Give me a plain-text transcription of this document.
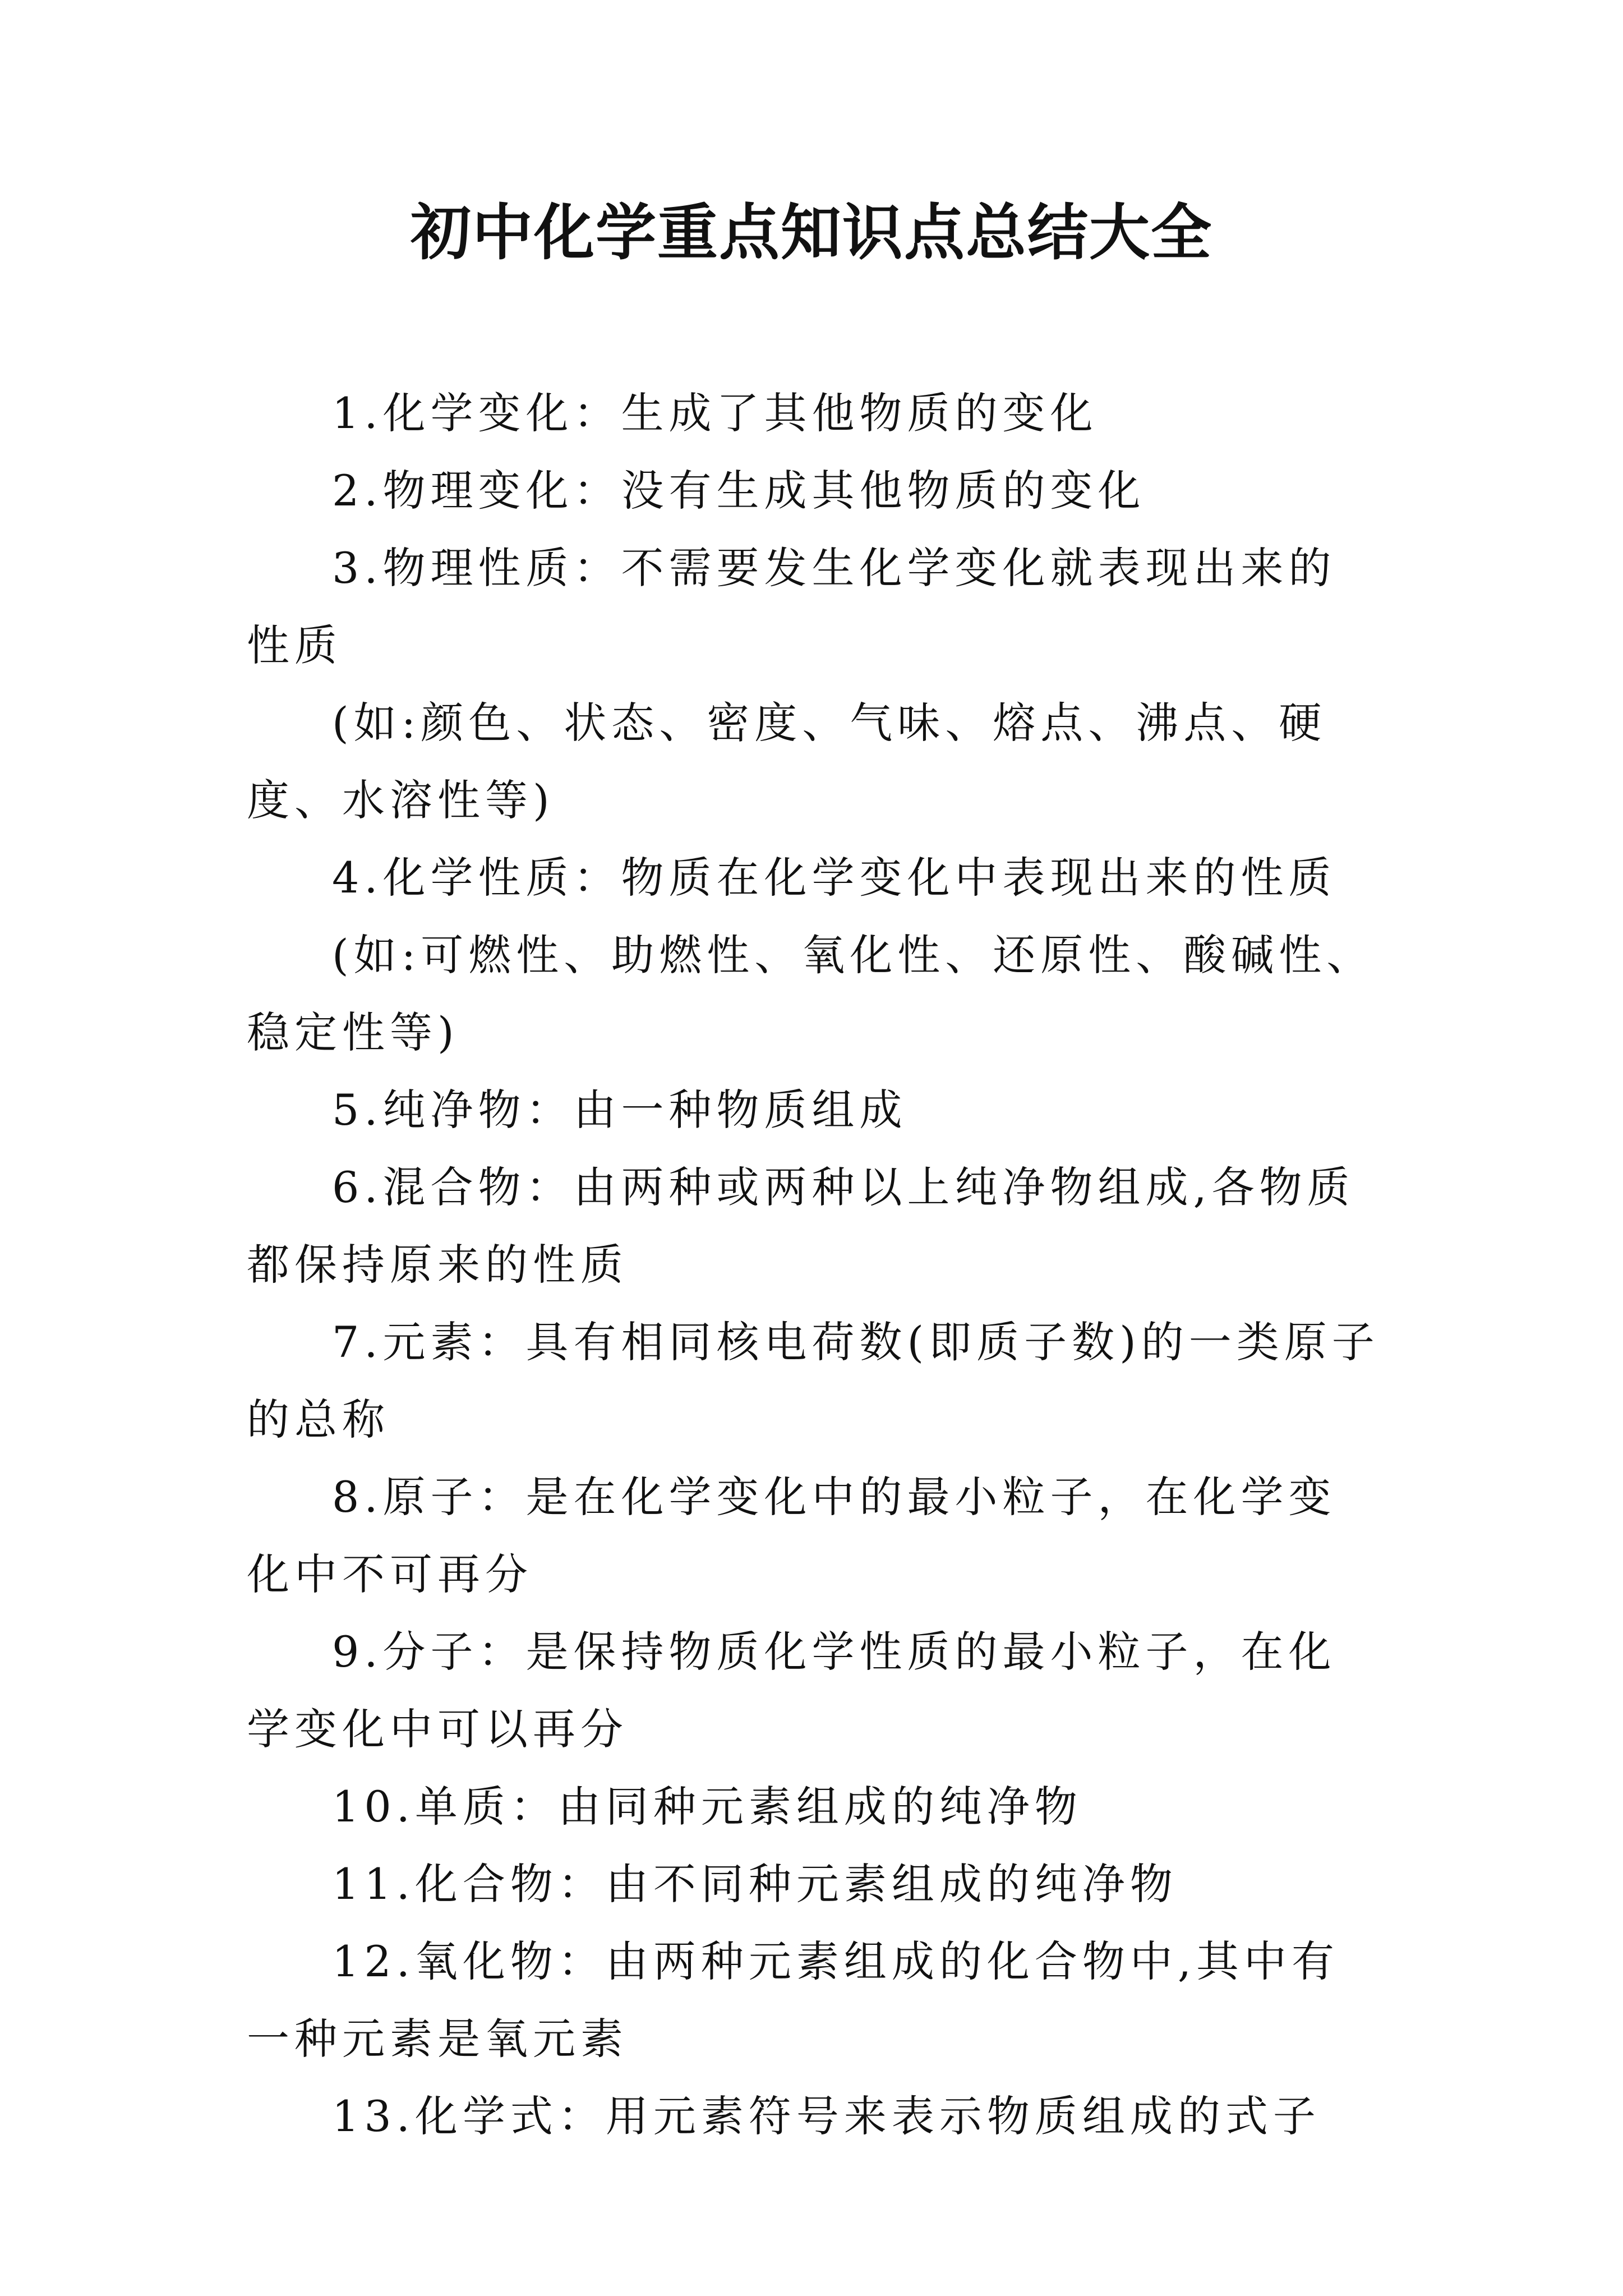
初中化学重点知识点总结大全

1.化学变化：生成了其他物质的变化

2.物理变化：没有生成其他物质的变化

3.物理性质：不需要发生化学变化就表现出来的性质

(如:颜色、状态、密度、气味、熔点、沸点、硬度、水溶性等)

4.化学性质：物质在化学变化中表现出来的性质

(如:可燃性、助燃性、氧化性、还原性、酸碱性、稳定性等)

5.纯净物：由一种物质组成

6.混合物：由两种或两种以上纯净物组成,各物质都保持原来的性质

7.元素：具有相同核电荷数(即质子数)的一类原子的总称

8.原子：是在化学变化中的最小粒子，在化学变化中不可再分

9.分子：是保持物质化学性质的最小粒子，在化学变化中可以再分

10.单质：由同种元素组成的纯净物

11.化合物：由不同种元素组成的纯净物

12.氧化物：由两种元素组成的化合物中,其中有一种元素是氧元素

13.化学式：用元素符号来表示物质组成的式子
